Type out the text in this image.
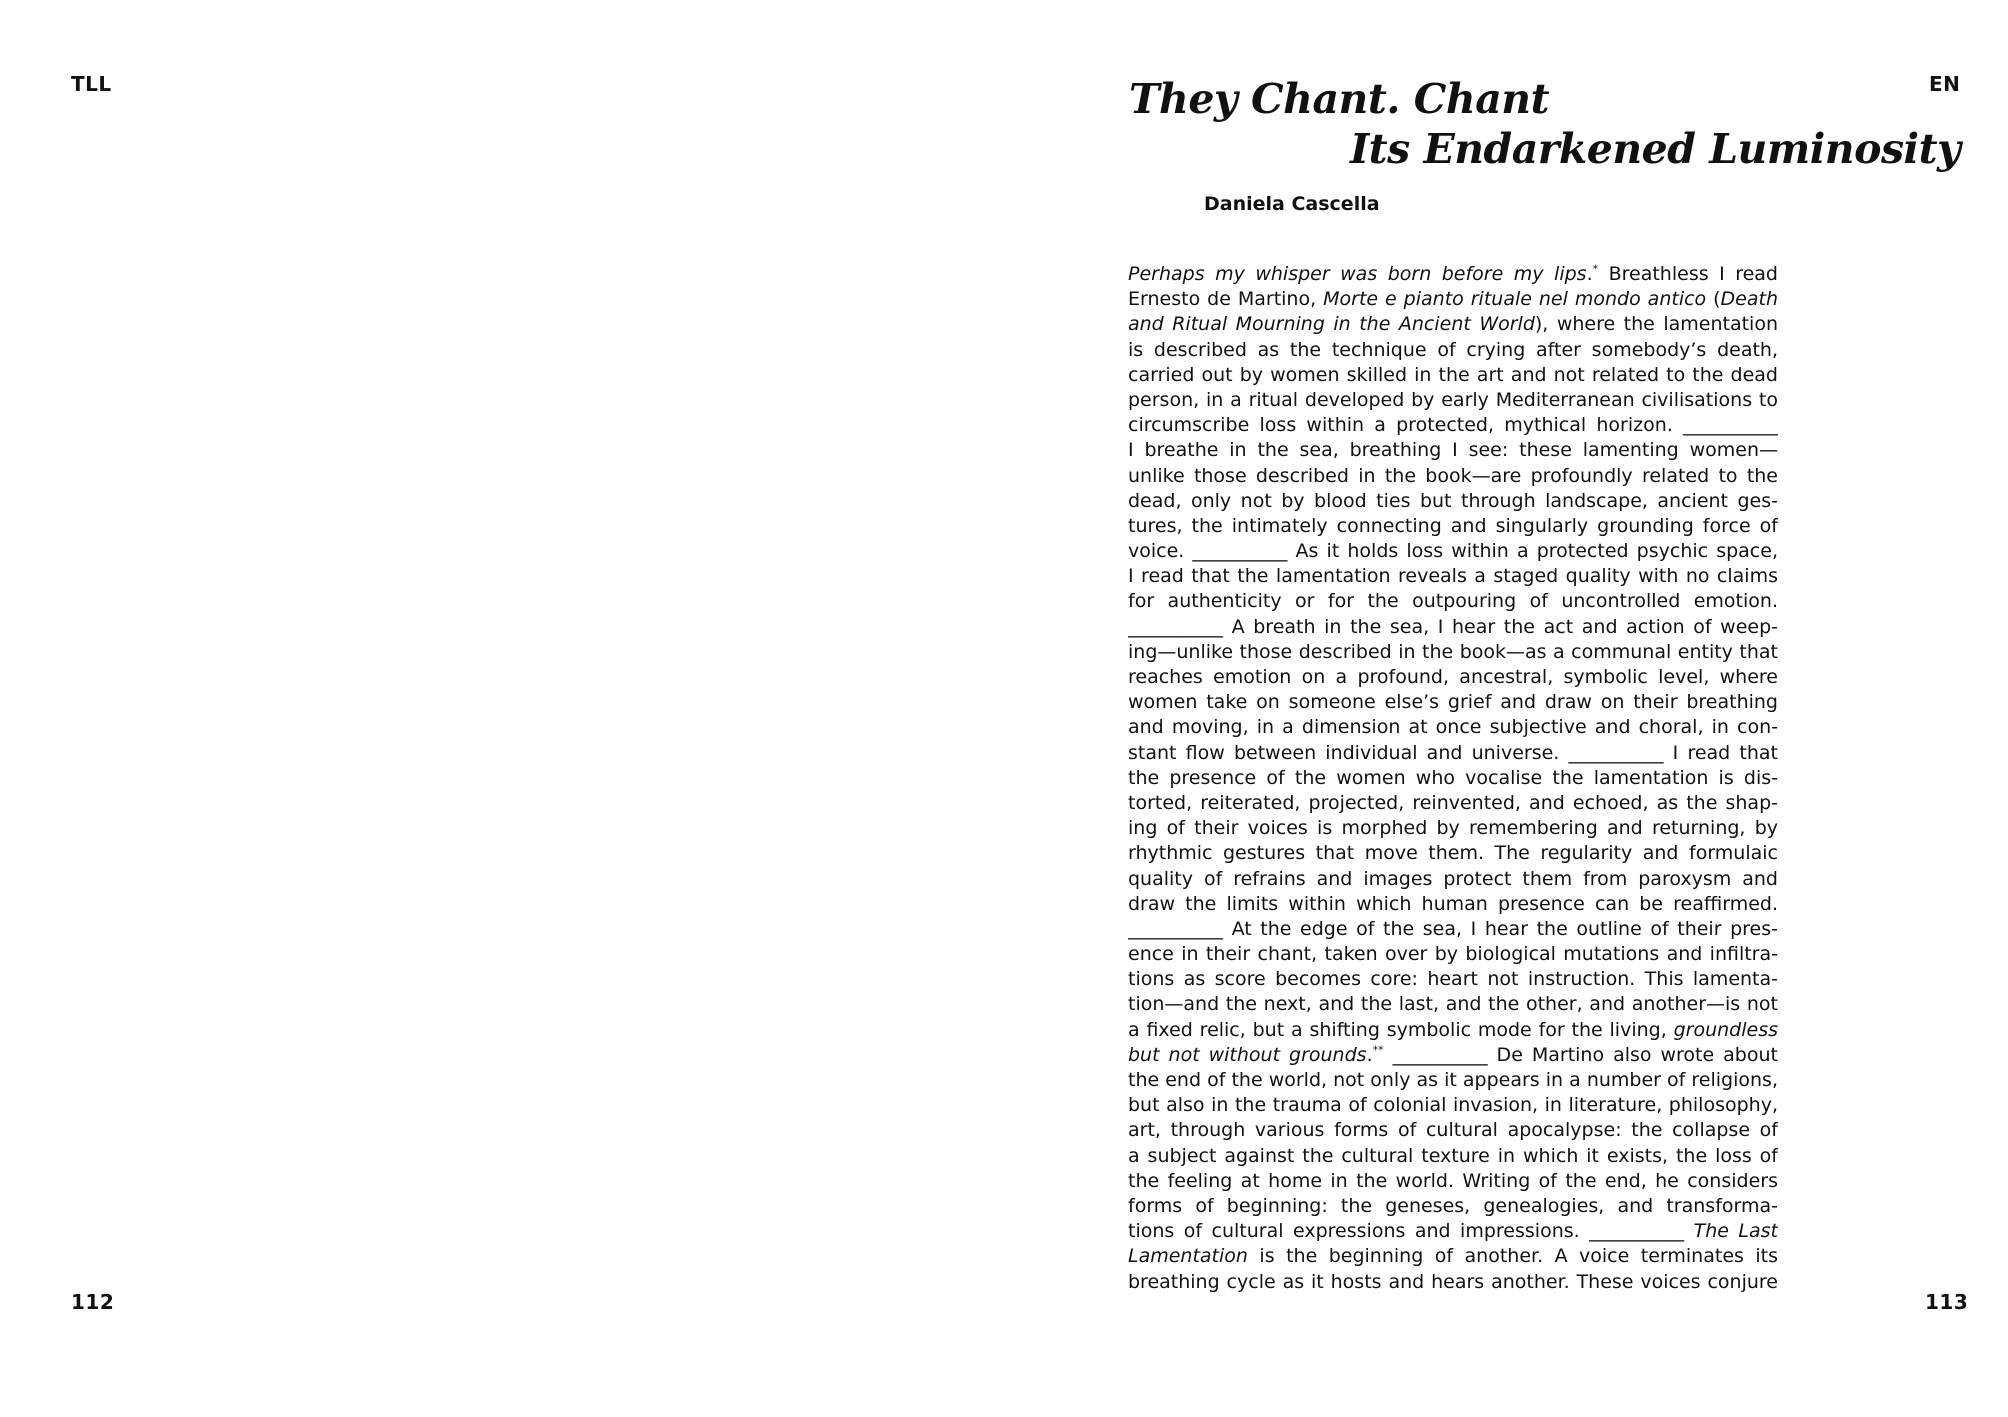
TLL	EN
They Chant. Chant
Its Endarkened Luminosity
Daniela Cascella
Perhaps my whisper was born before my lips.* Breathless I read
Ernesto de Martino, Morte e pianto rituale nel mondo antico (Death
and Ritual Mourning in the Ancient World), where the lamentation
is described as the technique of crying after somebody’s death,
carried out by women skilled in the art and not related to the dead
person, in a ritual developed by early Mediterranean civilisations to
circumscribe loss within a protected, mythical horizon. __________
I breathe in the sea, breathing I see: these lamenting women—
unlike those described in the book—are profoundly related to the
dead, only not by blood ties but through landscape, ancient ges-
tures, the intimately connecting and singularly grounding force of
voice. __________ As it holds loss within a protected psychic space,
I read that the lamentation reveals a staged quality with no claims
for authenticity or for the outpouring of uncontrolled emotion.
__________ A breath in the sea, I hear the act and action of weep-
ing—unlike those described in the book—as a communal entity that
reaches emotion on a profound, ancestral, symbolic level, where
women take on someone else’s grief and draw on their breathing
and moving, in a dimension at once subjective and choral, in con-
stant flow between individual and universe. __________ I read that
the presence of the women who vocalise the lamentation is dis-
torted, reiterated, projected, reinvented, and echoed, as the shap-
ing of their voices is morphed by remembering and returning, by
rhythmic gestures that move them. The regularity and formulaic
quality of refrains and images protect them from paroxysm and
draw the limits within which human presence can be reaffirmed.
__________ At the edge of the sea, I hear the outline of their pres-
ence in their chant, taken over by biological mutations and infiltra-
tions as score becomes core: heart not instruction. This lamenta-
tion—and the next, and the last, and the other, and another—is not
a fixed relic, but a shifting symbolic mode for the living, groundless
but not without grounds.** __________ De Martino also wrote about
the end of the world, not only as it appears in a number of religions,
but also in the trauma of colonial invasion, in literature, philosophy,
art, through various forms of cultural apocalypse: the collapse of
a subject against the cultural texture in which it exists, the loss of
the feeling at home in the world. Writing of the end, he considers
forms of beginning: the geneses, genealogies, and transforma-
tions of cultural expressions and impressions. __________ The Last
Lamentation is the beginning of another. A voice terminates its
breathing cycle as it hosts and hears another. These voices conjure
112	113
